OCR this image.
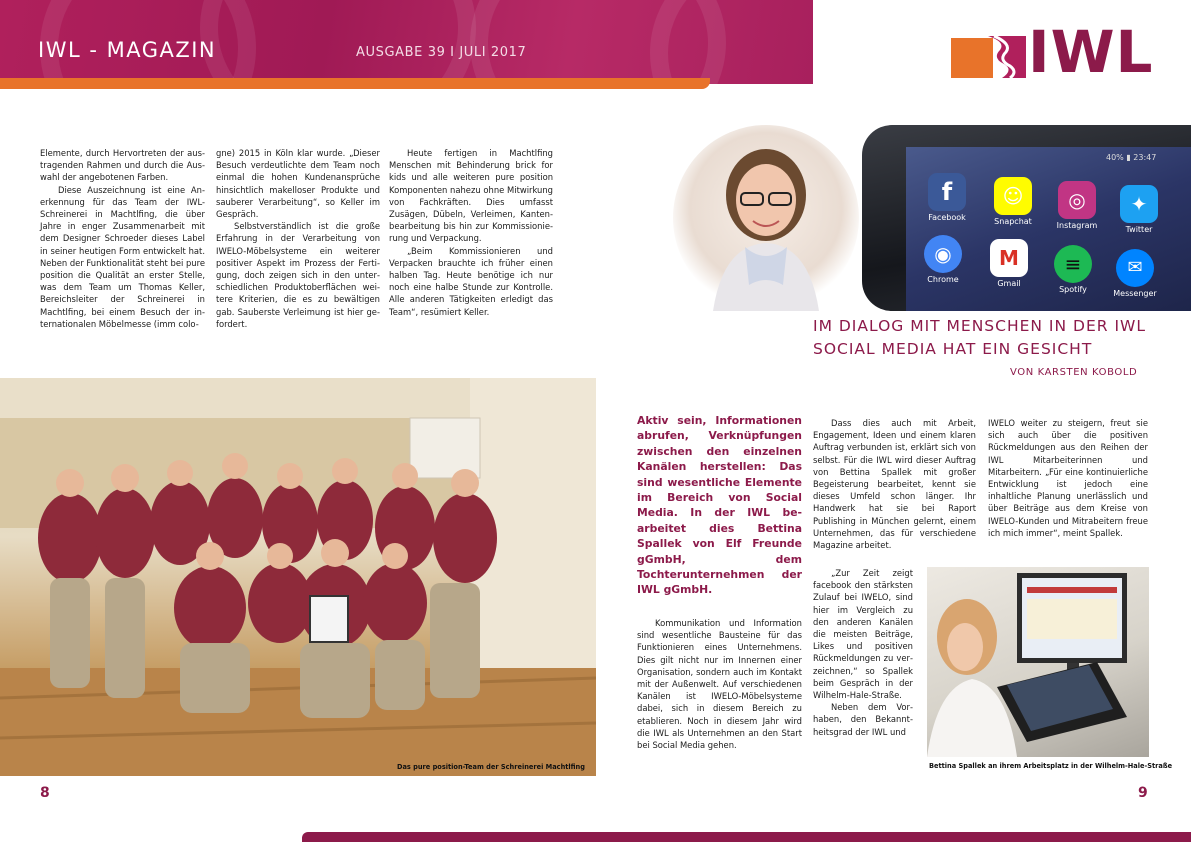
IWL - MAGAZIN	AUSGABE 39 I JULI 2017	IWL

Elemente, durch Hervortreten der austragenden Rahmen und durch die Auswahl der angebotenen Farben.

Diese Auszeichnung ist eine Anerkennung für das Team der IWL-Schreinerei in Machtlfing, die über Jahre in enger Zusammenarbeit mit dem Designer Schroeder dieses Label in seiner heutigen Form entwickelt hat. Neben der Funktionalität steht bei pure position die Qualität an erster Stelle, was dem Team um Thomas Keller, Bereichsleiter der Schreinerei in Machtlfing, bei einem Besuch der internationalen Möbelmesse (imm colo-

gne) 2015 in Köln klar wurde. „Dieser Besuch verdeutlichte dem Team noch einmal die hohen Kundenansprüche hinsichtlich makelloser Produkte und sauberer Verarbeitung“, so Keller im Gespräch.

Selbstverständlich ist die große Erfahrung in der Verarbeitung von IWELO-Möbelsysteme ein weiterer positiver Aspekt im Prozess der Fertigung, doch zeigen sich in den unterschiedlichen Produktoberflächen weitere Kriterien, die es zu bewältigen gab. Sauberste Verleimung ist hier gefordert.

Heute fertigen in Machtlfing Menschen mit Behinderung brick for kids und alle weiteren pure position Komponenten nahezu ohne Mitwirkung von Fachkräften. Dies umfasst Zusägen, Dübeln, Verleimen, Kantenbearbeitung bis hin zur Kommissionierung und Verpackung.

„Beim Kommissionieren und Verpacken brauchte ich früher einen halben Tag. Heute benötige ich nur noch eine halbe Stunde zur Kontrolle. Alle anderen Tätigkeiten erledigt das Team“, resümiert Keller.

Das pure position-Team der Schreinerei Machtlfing
8
40% ▮ 23:47
f
Facebook
☺
Snapchat
◎
Instagram
✦
Twitter
◉
Chrome
M
Gmail
≡
Spotify
✉
Messenger
IM DIALOG MIT MENSCHEN IN DER IWL
SOCIAL MEDIA HAT EIN GESICHT
VON KARSTEN KOBOLD
Aktiv sein, Informationen abrufen, Verknüpfungen zwischen den einzelnen Kanälen herstellen: Das sind wesentliche Elemente im Bereich von Social Media. In der IWL bearbeitet dies Bettina Spallek von Elf Freunde gGmbH, dem Tochterunternehmen der IWL gGmbH.

Kommunikation und Information sind wesentliche Bausteine für das Funktionieren eines Unternehmens. Dies gilt nicht nur im Innernen einer Organisation, sondern auch im Kontakt mit der Außenwelt. Auf verschiedenen Kanälen ist IWELO-Möbelsysteme dabei, sich in diesem Bereich zu etablieren. Noch in diesem Jahr wird die IWL als Unternehmen an den Start bei Social Media gehen.

Dass dies auch mit Arbeit, Engagement, Ideen und einem klaren Auftrag verbunden ist, erklärt sich von selbst. Für die IWL wird dieser Auftrag von Bettina Spallek mit großer Begeisterung bearbeitet, kennt sie dieses Umfeld schon länger. Ihr Handwerk hat sie bei Raport Publishing in München gelernt, einem Unternehmen, das für verschiedene Magazine arbeitet.

„Zur Zeit zeigt facebook den stärksten Zulauf bei IWELO, sind hier im Vergleich zu den anderen Kanälen die meisten Beiträge, Likes und positiven Rückmeldungen zu verzeichnen,“ so Spallek beim Gespräch in der Wilhelm-Hale-Straße.

Neben dem Vorhaben, den Bekanntheitsgrad der IWL und

IWELO weiter zu steigern, freut sie sich auch über die positiven Rückmeldungen aus den Reihen der IWL Mitarbeiterinnen und Mitarbeitern. „Für eine kontinuierliche Entwicklung ist jedoch eine inhaltliche Planung unerlässlich und über Beiträge aus dem Kreise von IWELO-Kunden und Mitrabeitern freue ich mich immer“, meint Spallek.

Bettina Spallek an ihrem Arbeitsplatz in der Wilhelm-Hale-Straße
9
